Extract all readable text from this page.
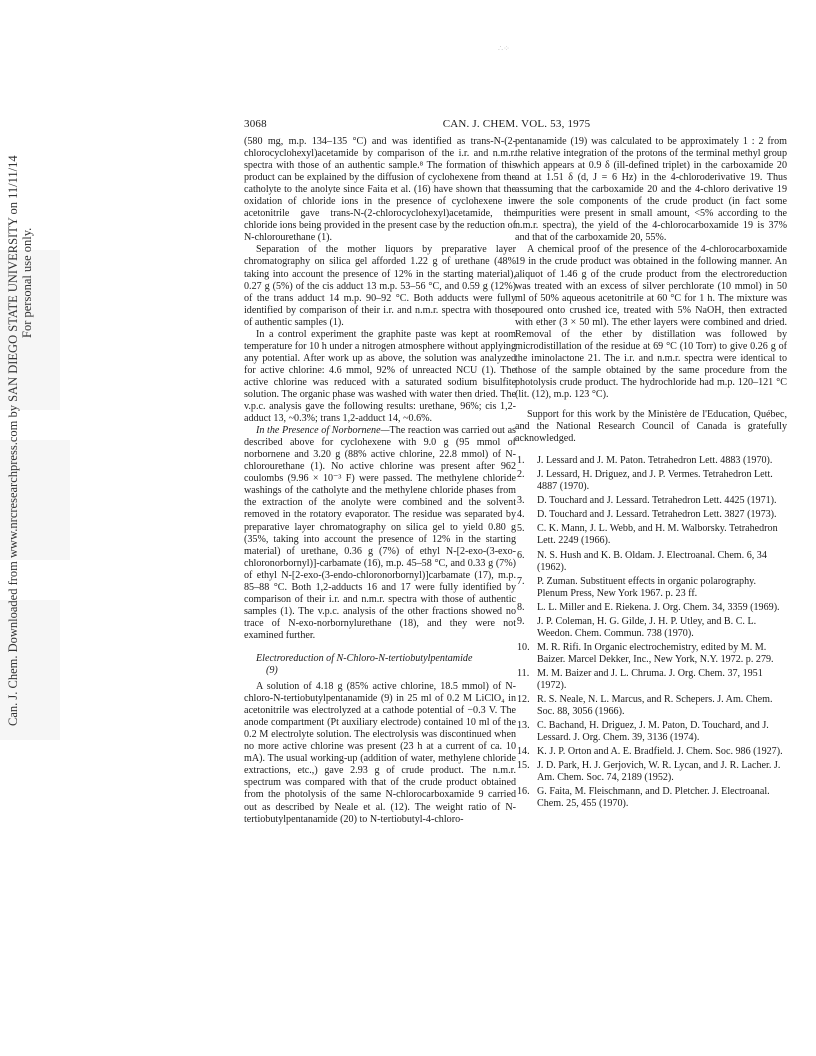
∴⁘
Can. J. Chem. Downloaded from www.nrcresearchpress.com by SAN DIEGO STATE UNIVERSITY on 11/11/14 For personal use only.
3068	CAN. J. CHEM. VOL. 53, 1975

(580 mg, m.p. 134–135 °C) and was identified as trans-N-(2-chlorocyclohexyl)acetamide by comparison of the i.r. and n.m.r. spectra with those of an authentic sample.⁸ The formation of this product can be explained by the diffusion of cyclohexene from the catholyte to the anolyte since Faita et al. (16) have shown that the oxidation of chloride ions in the presence of cyclohexene in acetonitrile gave trans-N-(2-chlorocyclohexyl)acetamide, the chloride ions being provided in the present case by the reduction of N-chlorourethane (1).

Separation of the mother liquors by preparative layer chromatography on silica gel afforded 1.22 g of urethane (48% taking into account the presence of 12% in the starting material), 0.27 g (5%) of the cis adduct 13 m.p. 53–56 °C, and 0.59 g (12%) of the trans adduct 14 m.p. 90–92 °C. Both adducts were fully identified by comparison of their i.r. and n.m.r. spectra with those of authentic samples (1).

In a control experiment the graphite paste was kept at room temperature for 10 h under a nitrogen atmosphere without applying any potential. After work up as above, the solution was analyzed for active chlorine: 4.6 mmol, 92% of unreacted NCU (1). The active chlorine was reduced with a saturated sodium bisulfite solution. The organic phase was washed with water then dried. The v.p.c. analysis gave the following results: urethane, 96%; cis 1,2-adduct 13, ~0.3%; trans 1,2-adduct 14, ~0.6%.

In the Presence of Norbornene—The reaction was carried out as described above for cyclohexene with 9.0 g (95 mmol of norbornene and 3.20 g (88% active chlorine, 22.8 mmol) of N-chlorourethane (1). No active chlorine was present after 962 coulombs (9.96 × 10⁻³ F) were passed. The methylene chloride washings of the catholyte and the methylene chloride phases from the extraction of the anolyte were combined and the solvent removed in the rotatory evaporator. The residue was separated by preparative layer chromatography on silica gel to yield 0.80 g (35%, taking into account the presence of 12% in the starting material) of urethane, 0.36 g (7%) of ethyl N-[2-exo-(3-exo-chloronorbornyl)]-carbamate (16), m.p. 45–58 °C, and 0.33 g (7%) of ethyl N-[2-exo-(3-endo-chloronorbornyl)]carbamate (17), m.p. 85–88 °C. Both 1,2-adducts 16 and 17 were fully identified by comparison of their i.r. and n.m.r. spectra with those of authentic samples (1). The v.p.c. analysis of the other fractions showed no trace of N-exo-norbornylurethane (18), and they were not examined further.

Electroreduction of N-Chloro-N-tertiobutylpentamide
(9)

A solution of 4.18 g (85% active chlorine, 18.5 mmol) of N-chloro-N-tertiobutylpentanamide (9) in 25 ml of 0.2 M LiClO₄ in acetonitrile was electrolyzed at a cathode potential of −0.3 V. The anode compartment (Pt auxiliary electrode) contained 10 ml of the 0.2 M electrolyte solution. The electrolysis was discontinued when no more active chlorine was present (23 h at a current of ca. 10 mA). The usual working-up (addition of water, methylene chloride extractions, etc.,) gave 2.93 g of crude product. The n.m.r. spectrum was compared with that of the crude product obtained from the photolysis of the same N-chlorocarboxamide 9 carried out as described by Neale et al. (12). The weight ratio of N-tertiobutylpentanamide (20) to N-tertiobutyl-4-chloro-

pentanamide (19) was calculated to be approximately 1 : 2 from the relative integration of the protons of the terminal methyl group which appears at 0.9 δ (ill-defined triplet) in the carboxamide 20 and at 1.51 δ (d, J = 6 Hz) in the 4-chloroderivative 19. Thus assuming that the carboxamide 20 and the 4-chloro derivative 19 were the sole components of the crude product (in fact some impurities were present in small amount, <5% according to the n.m.r. spectra), the yield of the 4-chlorocarboxamide 19 is 37% and that of the carboxamide 20, 55%.

A chemical proof of the presence of the 4-chlorocarboxamide 19 in the crude product was obtained in the following manner. An aliquot of 1.46 g of the crude product from the electroreduction was treated with an excess of silver perchlorate (10 mmol) in 50 ml of 50% aqueous acetonitrile at 60 °C for 1 h. The mixture was poured onto crushed ice, treated with 5% NaOH, then extracted with ether (3 × 50 ml). The ether layers were combined and dried. Removal of the ether by distillation was followed by microdistillation of the residue at 69 °C (10 Torr) to give 0.26 g of the iminolactone 21. The i.r. and n.m.r. spectra were identical to those of the sample obtained by the same procedure from the photolysis crude product. The hydrochloride had m.p. 120–121 °C (lit. (12), m.p. 123 °C).

Support for this work by the Ministère de l'Education, Québec, and the National Research Council of Canada is gratefully acknowledged.

1. J. Lessard and J. M. Paton. Tetrahedron Lett. 4883 (1970).
2. J. Lessard, H. Driguez, and J. P. Vermes. Tetrahedron Lett. 4887 (1970).
3. D. Touchard and J. Lessard. Tetrahedron Lett. 4425 (1971).
4. D. Touchard and J. Lessard. Tetrahedron Lett. 3827 (1973).
5. C. K. Mann, J. L. Webb, and H. M. Walborsky. Tetrahedron Lett. 2249 (1966).
6. N. S. Hush and K. B. Oldam. J. Electroanal. Chem. 6, 34 (1962).
7. P. Zuman. Substituent effects in organic polarography. Plenum Press, New York 1967. p. 23 ff.
8. L. L. Miller and E. Riekena. J. Org. Chem. 34, 3359 (1969).
9. J. P. Coleman, H. G. Gilde, J. H. P. Utley, and B. C. L. Weedon. Chem. Commun. 738 (1970).
10. M. R. Rifi. In Organic electrochemistry, edited by M. M. Baizer. Marcel Dekker, Inc., New York, N.Y. 1972. p. 279.
11. M. M. Baizer and J. L. Chruma. J. Org. Chem. 37, 1951 (1972).
12. R. S. Neale, N. L. Marcus, and R. Schepers. J. Am. Chem. Soc. 88, 3056 (1966).
13. C. Bachand, H. Driguez, J. M. Paton, D. Touchard, and J. Lessard. J. Org. Chem. 39, 3136 (1974).
14. K. J. P. Orton and A. E. Bradfield. J. Chem. Soc. 986 (1927).
15. J. D. Park, H. J. Gerjovich, W. R. Lycan, and J. R. Lacher. J. Am. Chem. Soc. 74, 2189 (1952).
16. G. Faita, M. Fleischmann, and D. Pletcher. J. Electroanal. Chem. 25, 455 (1970).
